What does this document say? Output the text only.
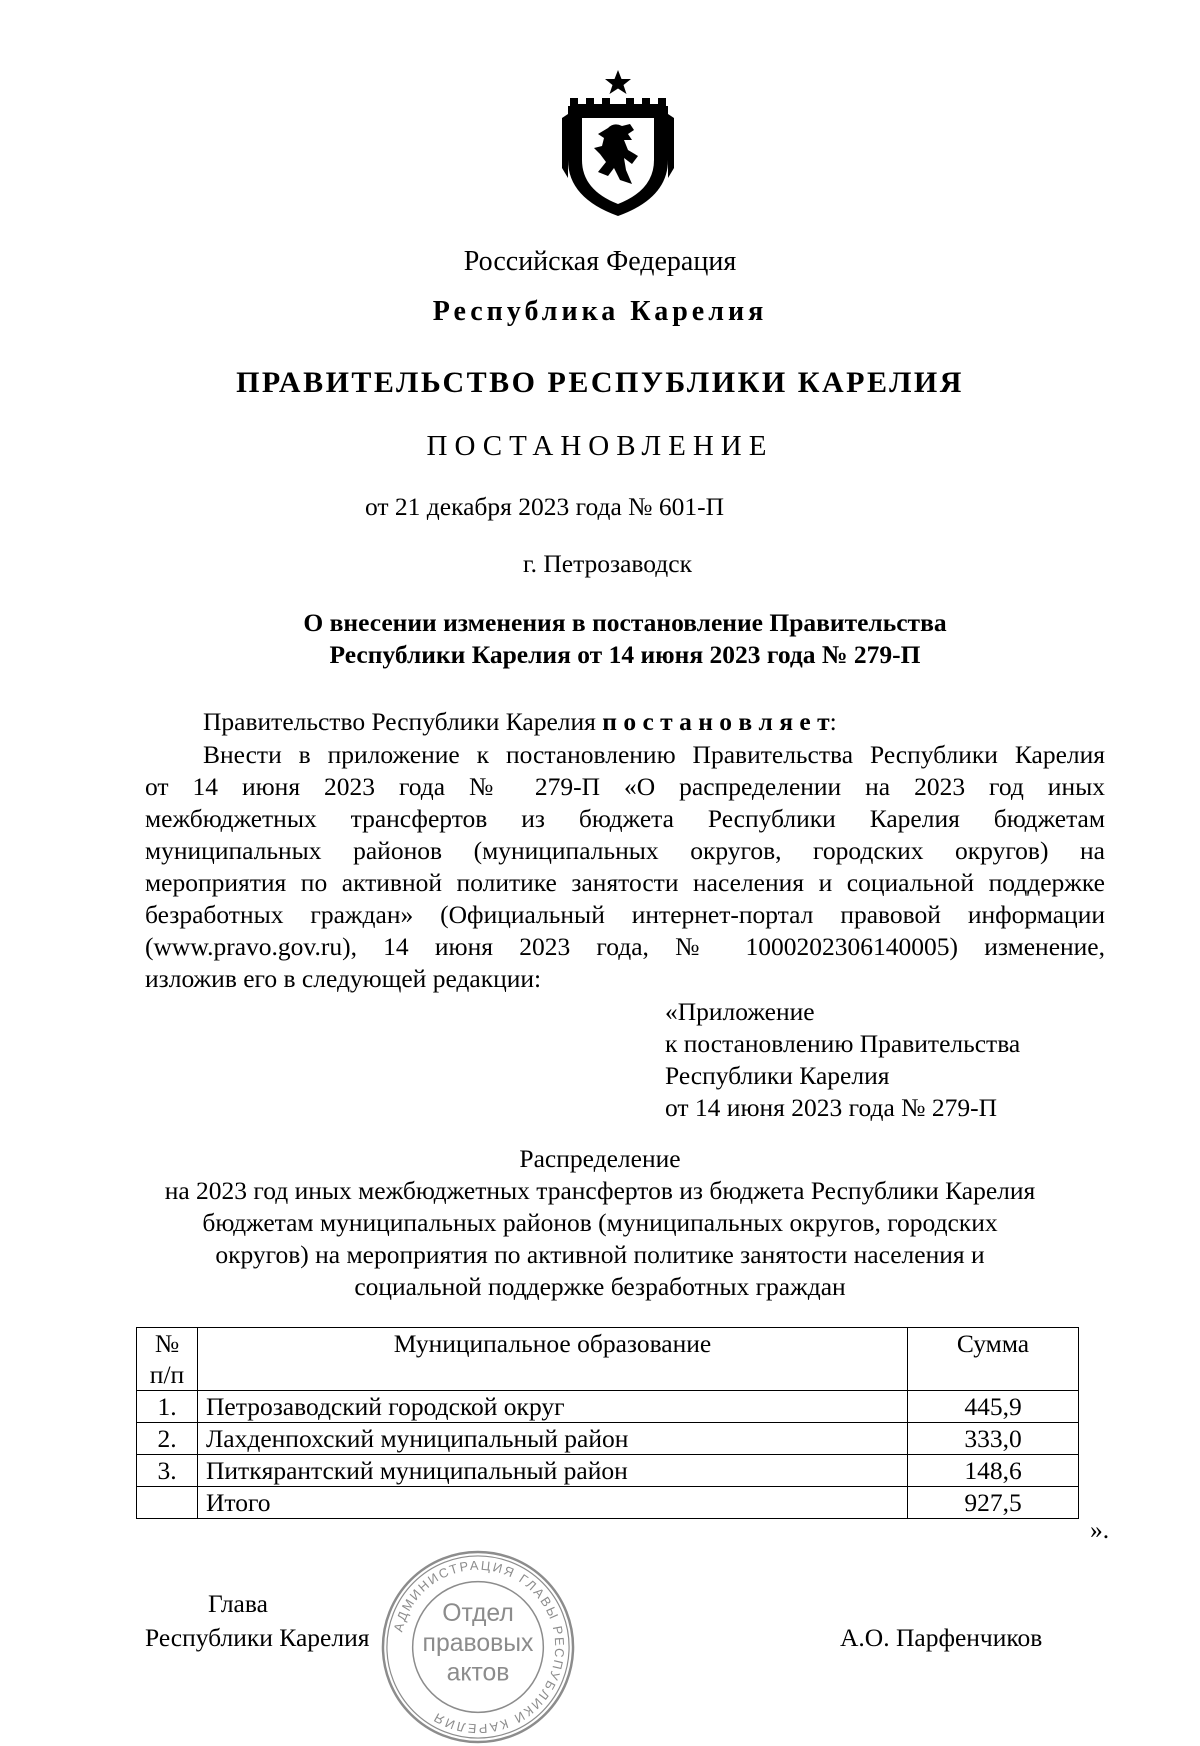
Российская Федерация
Республика Карелия
ПРАВИТЕЛЬСТВО РЕСПУБЛИКИ КАРЕЛИЯ
ПОСТАНОВЛЕНИЕ
от 21 декабря 2023 года № 601-П
г. Петрозаводск
О внесении изменения в постановление Правительства
Республики Карелия от 14 июня 2023 года № 279-П
Правительство Республики Карелия п о с т а н о в л я е т:
Внести в приложение к постановлению Правительства Республики Карелия
от 14 июня 2023 года № 279-П «О распределении на 2023 год иных
межбюджетных трансфертов из бюджета Республики Карелия бюджетам
муниципальных районов (муниципальных округов, городских округов) на
мероприятия по активной политике занятости населения и социальной поддержке
безработных граждан» (Официальный интернет-портал правовой информации
(www.pravo.gov.ru), 14 июня 2023 года, № 1000202306140005) изменение,
изложив его в следующей редакции:
«Приложение
к постановлению Правительства
Республики Карелия
от 14 июня 2023 года № 279-П
Распределение
на 2023 год иных межбюджетных трансфертов из бюджета Республики Карелия
бюджетам муниципальных районов (муниципальных округов, городских
округов) на мероприятия по активной политике занятости населения и
социальной поддержке безработных граждан
№
п/п	Муниципальное образование	Сумма
1.	Петрозаводский городской округ	445,9
2.	Лахденпохский муниципальный район	333,0
3.	Питкярантский муниципальный район	148,6
	Итого	927,5
».
Глава
Республики Карелия	А.О. Парфенчиков
АДМИНИСТРАЦИЯ ГЛАВЫ РЕСПУБЛИКИ КАРЕЛИЯ
Отдел
правовых
актов
